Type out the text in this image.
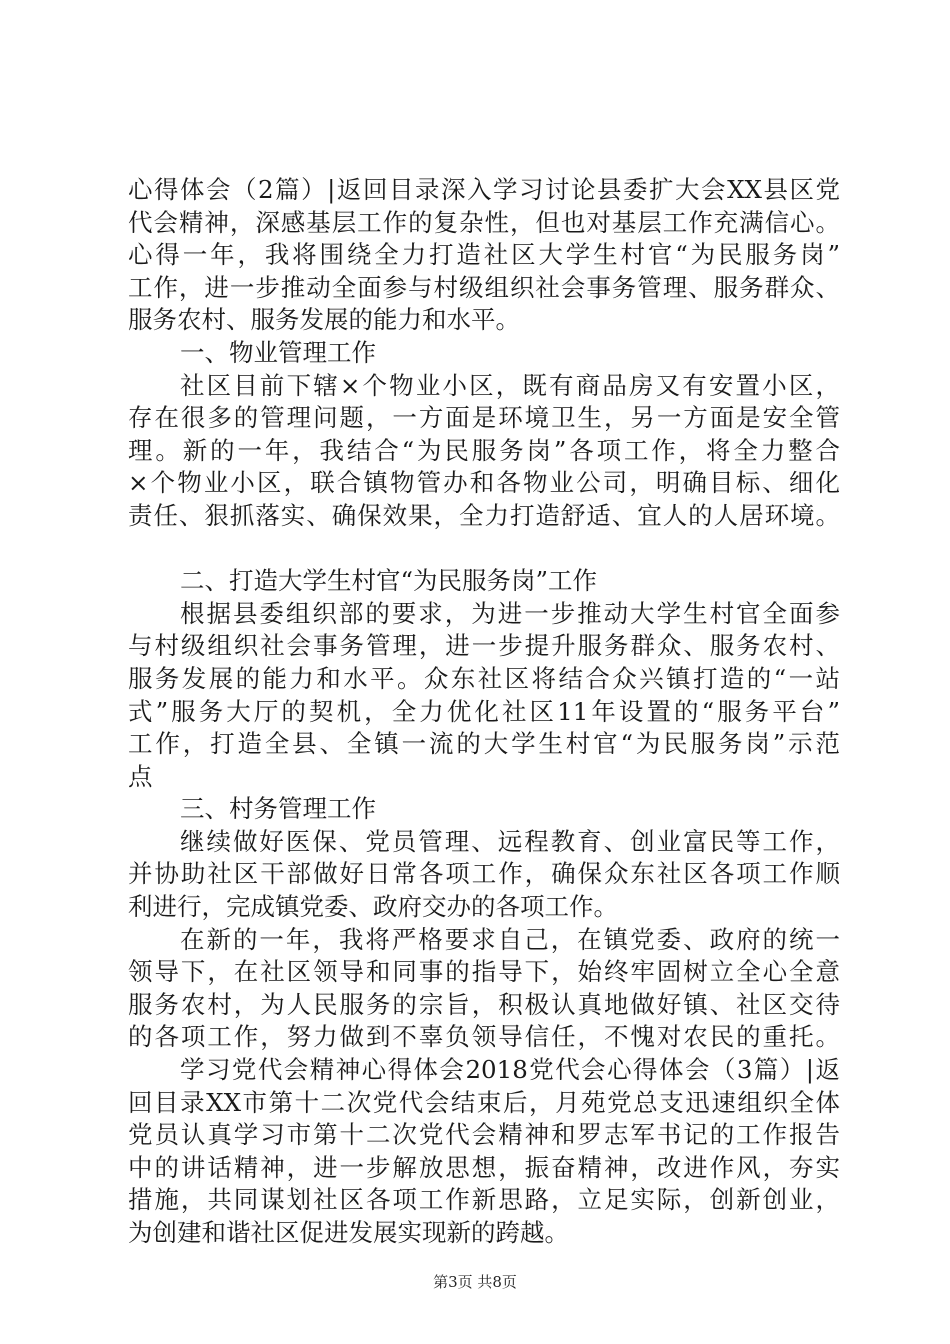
心得体会（2篇）|返回目录深入学习讨论县委扩大会XX县区党
代会精神，深感基层工作的复杂性，但也对基层工作充满信心。
心得一年，我将围绕全力打造社区大学生村官“为民服务岗”
工作，进一步推动全面参与村级组织社会事务管理、服务群众、
服务农村、服务发展的能力和水平。
一、物业管理工作
社区目前下辖×个物业小区，既有商品房又有安置小区，
存在很多的管理问题，一方面是环境卫生，另一方面是安全管
理。新的一年，我结合“为民服务岗”各项工作，将全力整合
×个物业小区，联合镇物管办和各物业公司，明确目标、细化
责任、狠抓落实、确保效果，全力打造舒适、宜人的人居环境。
二、打造大学生村官“为民服务岗”工作
根据县委组织部的要求，为进一步推动大学生村官全面参
与村级组织社会事务管理，进一步提升服务群众、服务农村、
服务发展的能力和水平。众东社区将结合众兴镇打造的“一站
式”服务大厅的契机，全力优化社区11年设置的“服务平台”
工作，打造全县、全镇一流的大学生村官“为民服务岗”示范
点
三、村务管理工作
继续做好医保、党员管理、远程教育、创业富民等工作，
并协助社区干部做好日常各项工作，确保众东社区各项工作顺
利进行，完成镇党委、政府交办的各项工作。
在新的一年，我将严格要求自己，在镇党委、政府的统一
领导下，在社区领导和同事的指导下，始终牢固树立全心全意
服务农村，为人民服务的宗旨，积极认真地做好镇、社区交待
的各项工作，努力做到不辜负领导信任，不愧对农民的重托。
学习党代会精神心得体会2018党代会心得体会（3篇）|返
回目录XX市第十二次党代会结束后，月苑党总支迅速组织全体
党员认真学习市第十二次党代会精神和罗志军书记的工作报告
中的讲话精神，进一步解放思想，振奋精神，改进作风，夯实
措施，共同谋划社区各项工作新思路，立足实际，创新创业，
为创建和谐社区促进发展实现新的跨越。
第3页 共8页
